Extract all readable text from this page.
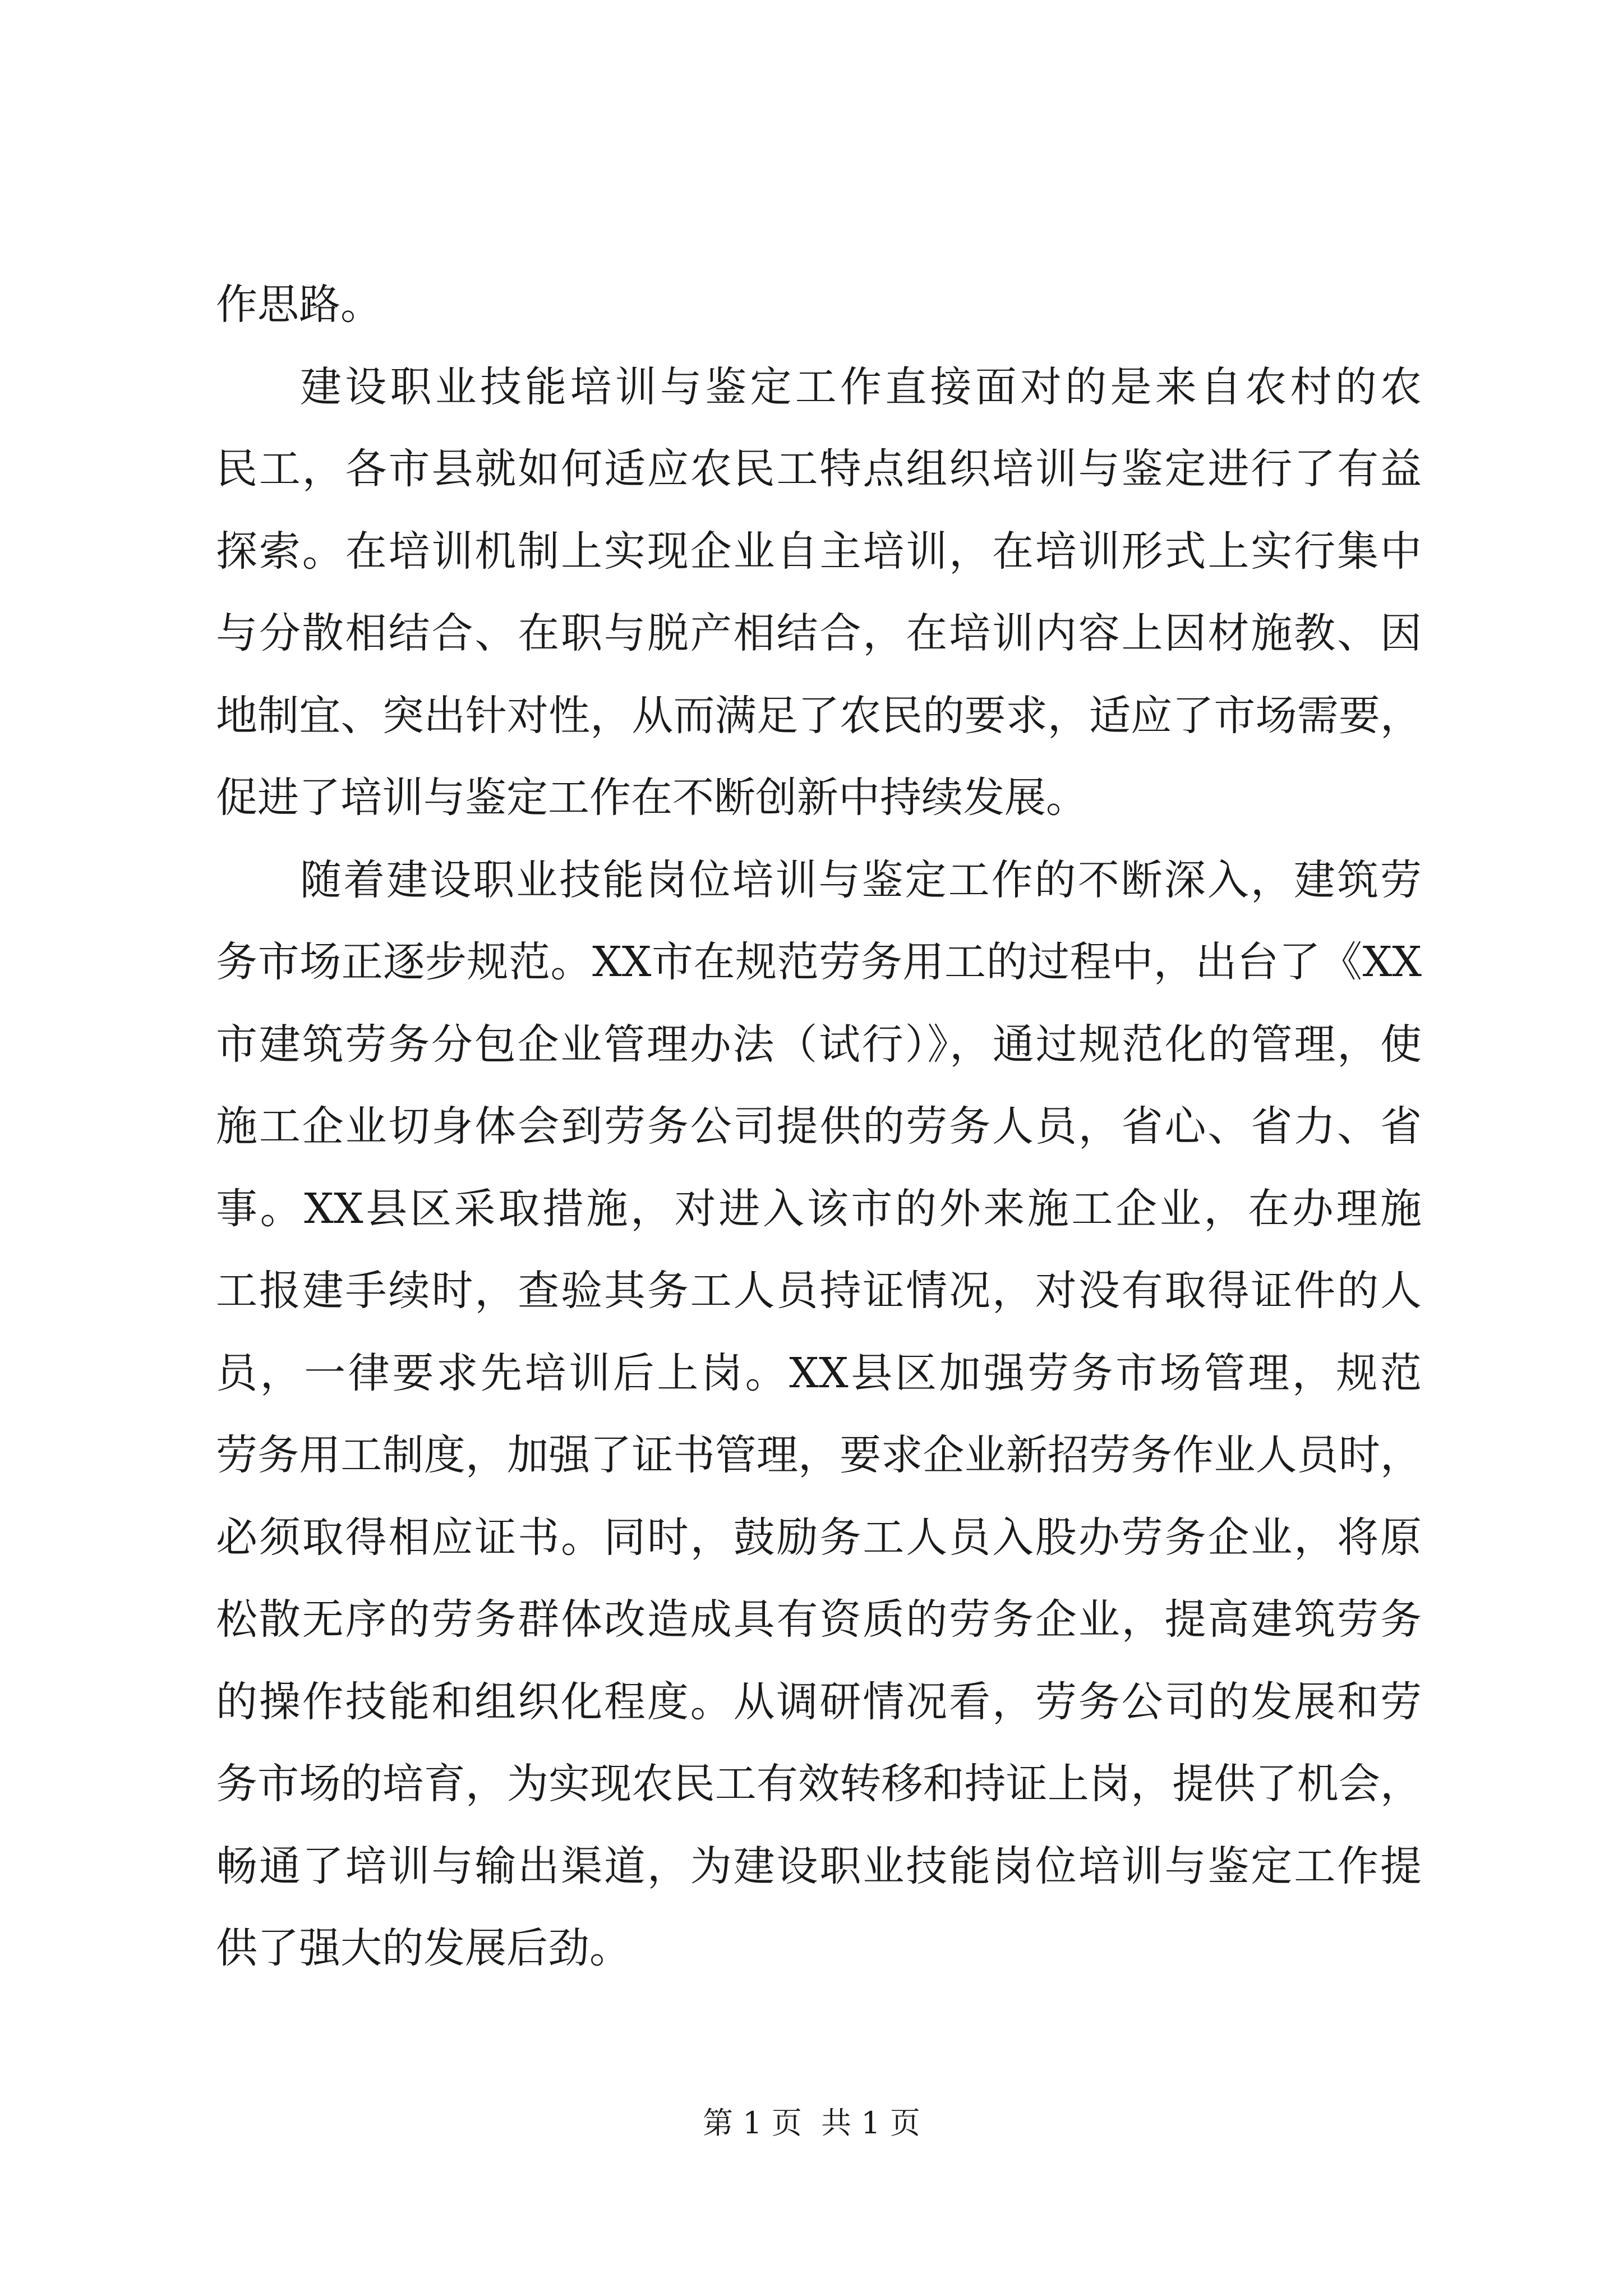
作思路。
建设职业技能培训与鉴定工作直接面对的是来自农村的农
民工，各市县就如何适应农民工特点组织培训与鉴定进行了有益
探索。在培训机制上实现企业自主培训，在培训形式上实行集中
与分散相结合、在职与脱产相结合，在培训内容上因材施教、因
地制宜、突出针对性，从而满足了农民的要求，适应了市场需要，
促进了培训与鉴定工作在不断创新中持续发展。
随着建设职业技能岗位培训与鉴定工作的不断深入，建筑劳
务市场正逐步规范。XX市在规范劳务用工的过程中，出台了《XX
市建筑劳务分包企业管理办法（试行）》，通过规范化的管理，使
施工企业切身体会到劳务公司提供的劳务人员，省心、省力、省
事。XX县区采取措施，对进入该市的外来施工企业，在办理施
工报建手续时，查验其务工人员持证情况，对没有取得证件的人
员，一律要求先培训后上岗。XX县区加强劳务市场管理，规范
劳务用工制度，加强了证书管理，要求企业新招劳务作业人员时，
必须取得相应证书。同时，鼓励务工人员入股办劳务企业，将原
松散无序的劳务群体改造成具有资质的劳务企业，提高建筑劳务
的操作技能和组织化程度。从调研情况看，劳务公司的发展和劳
务市场的培育，为实现农民工有效转移和持证上岗，提供了机会，
畅通了培训与输出渠道，为建设职业技能岗位培训与鉴定工作提
供了强大的发展后劲。
第 1 页  共 1 页
